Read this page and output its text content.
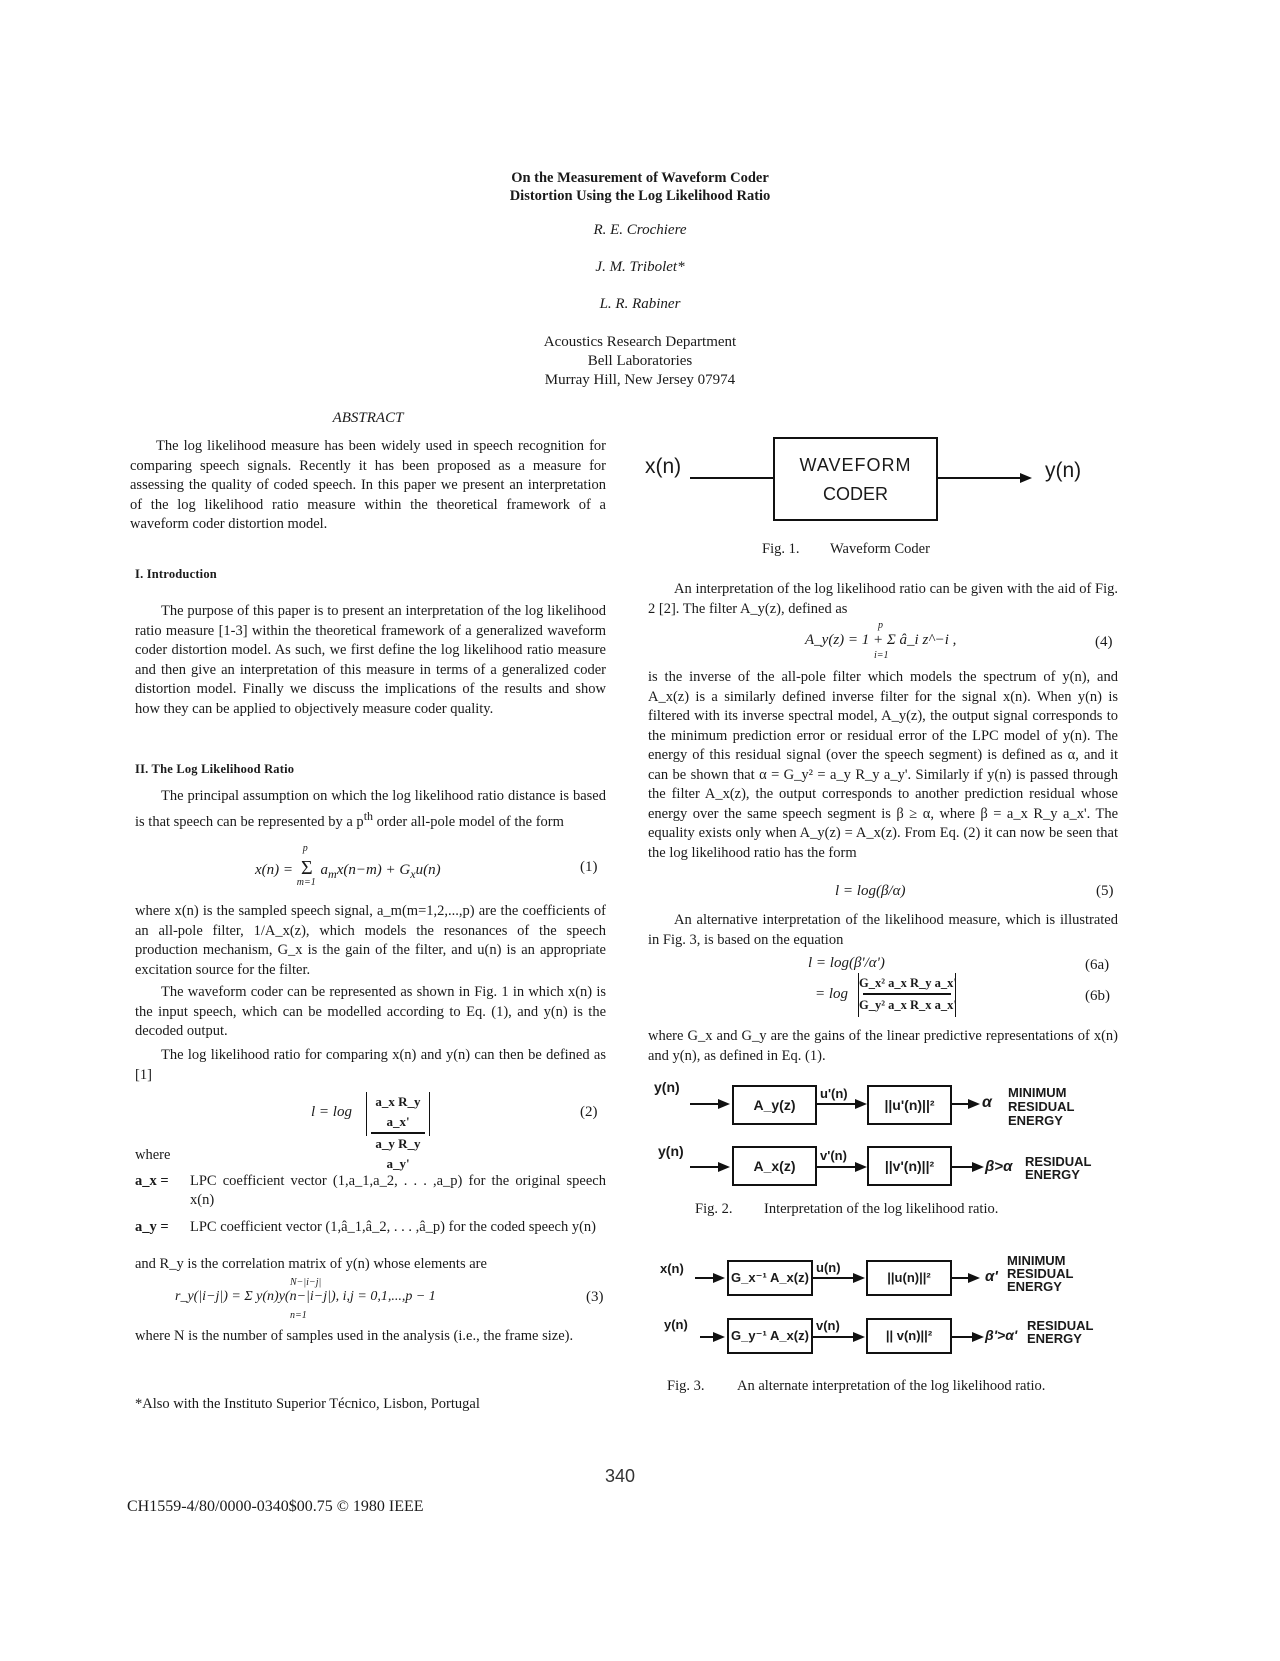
On the Measurement of Waveform Coder
Distortion Using the Log Likelihood Ratio
R. E. Crochiere
J. M. Tribolet*
L. R. Rabiner
Acoustics Research Department
Bell Laboratories
Murray Hill, New Jersey 07974
ABSTRACT
The log likelihood measure has been widely used in speech recognition for comparing speech signals. Recently it has been proposed as a measure for assessing the quality of coded speech. In this paper we present an interpretation of the log likelihood ratio measure within the theoretical framework of a waveform coder distortion model.
I. Introduction
The purpose of this paper is to present an interpretation of the log likelihood ratio measure [1-3] within the theoretical framework of a generalized waveform coder distortion model. As such, we first define the log likelihood ratio measure and then give an interpretation of this measure in terms of a generalized coder distortion model. Finally we discuss the implications of the results and show how they can be applied to objectively measure coder quality.
II. The Log Likelihood Ratio
The principal assumption on which the log likelihood ratio distance is based is that speech can be represented by a $p^{th}$ order all-pole model of the form
x(n) =
p
Σ
m=1
$a_mx(n-m) + G_xu(n)$	(1)
where x(n) is the sampled speech signal, a_m(m=1,2,...,p) are the coefficients of an all-pole filter, 1/A_x(z), which models the resonances of the speech production mechanism, G_x is the gain of the filter, and u(n) is an appropriate excitation source for the filter.
The waveform coder can be represented as shown in Fig. 1 in which x(n) is the input speech, which can be modelled according to Eq. (1), and y(n) is the decoded output.
The log likelihood ratio for comparing x(n) and y(n) can then be defined as [1]
l = log
a_x R_y a_x'
a_y R_y a_y'
(2)
where
a_x = LPC coefficient vector (1,a_1,a_2, . . . ,a_p) for the original speech x(n)
a_y = LPC coefficient vector (1,â_1,â_2, . . . ,â_p) for the coded speech y(n)
and R_y is the correlation matrix of y(n) whose elements are
N−|i−j|
r_y(|i−j|) = Σ y(n)y(n−|i−j|), i,j = 0,1,...,p − 1
n=1
(3)
where N is the number of samples used in the analysis (i.e., the frame size).
*Also with the Instituto Superior Técnico, Lisbon, Portugal
x(n)	WAVEFORM
CODER
y(n)
Fig. 1. Waveform Coder
An interpretation of the log likelihood ratio can be given with the aid of Fig. 2 [2]. The filter A_y(z), defined as
p
A_y(z) = 1 + Σ â_i z^−i ,
i=1
(4)
is the inverse of the all-pole filter which models the spectrum of y(n), and A_x(z) is a similarly defined inverse filter for the signal x(n). When y(n) is filtered with its inverse spectral model, A_y(z), the output signal corresponds to the minimum prediction error or residual error of the LPC model of y(n). The energy of this residual signal (over the speech segment) is defined as α, and it can be shown that α = G_y² = a_y R_y a_y'. Similarly if y(n) is passed through the filter A_x(z), the output corresponds to another prediction residual whose energy over the same speech segment is β ≥ α, where β = a_x R_y a_x'. The equality exists only when A_y(z) = A_x(z). From Eq. (2) it can now be seen that the log likelihood ratio has the form
l = log(β/α)	(5)
An alternative interpretation of the likelihood measure, which is illustrated in Fig. 3, is based on the equation
l = log(β'/α')	(6a)
= log
G_x² a_x R_y a_x'
G_y² a_x R_x a_x'
(6b)
where G_x and G_y are the gains of the linear predictive representations of x(n) and y(n), as defined in Eq. (1).
y(n)
A_y(z)
u'(n)
||u'(n)||²	α
MINIMUM
RESIDUAL
ENERGY
y(n)
A_x(z)
v'(n)
||v'(n)||²	β>α RESIDUAL
ENERGY
Fig. 2. Interpretation of the log likelihood ratio.
x(n)
G_x⁻¹ A_x(z)
u(n)
||u(n)||²	α'
MINIMUM
RESIDUAL
ENERGY
y(n)
G_y⁻¹ A_x(z)
v(n)
|| v(n)||²	β'>α'
RESIDUAL
ENERGY
Fig. 3. An alternate interpretation of the log likelihood ratio.
340
CH1559-4/80/0000-0340$00.75 © 1980 IEEE
